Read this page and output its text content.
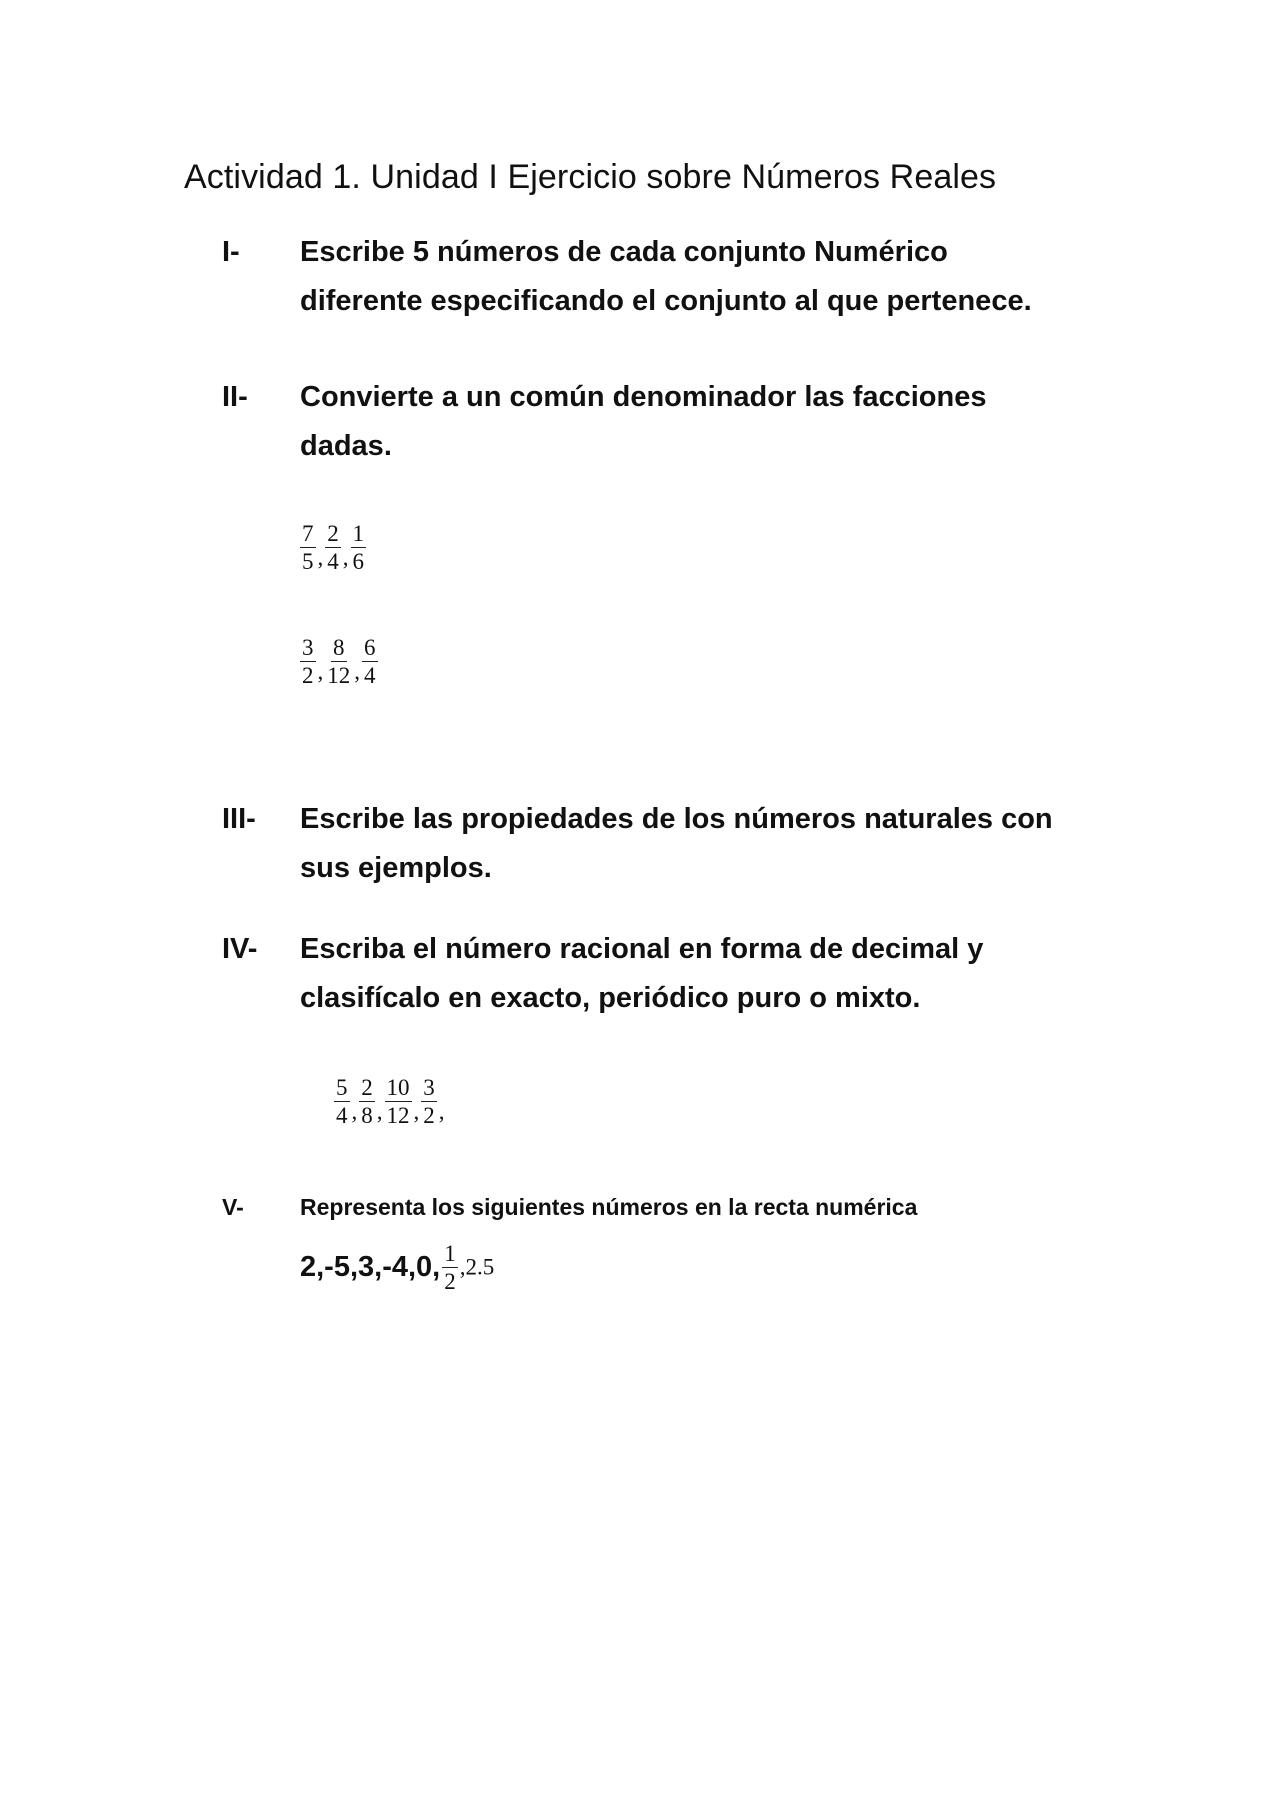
Actividad 1. Unidad I Ejercicio sobre Números Reales
I- Escribe 5 números de cada conjunto Numérico
diferente especificando el conjunto al que pertenece.
II- Convierte a un común denominador las facciones
dadas.
$\frac{7}{5}$ , $\frac{2}{4}$ , $\frac{1}{6}$
$\frac{3}{2}$ , $\frac{8}{12}$ , $\frac{6}{4}$
III- Escribe las propiedades de los números naturales con
sus ejemplos.
IV- Escriba el número racional en forma de decimal y
clasifícalo en exacto, periódico puro o mixto.
$\frac{5}{4}$ , $\frac{2}{8}$ , $\frac{10}{12}$ , $\frac{3}{2}$ ,
V- Representa los siguientes números en la recta numérica
2,-5,3,-4,0, $\frac{1}{2} ,2.5$
